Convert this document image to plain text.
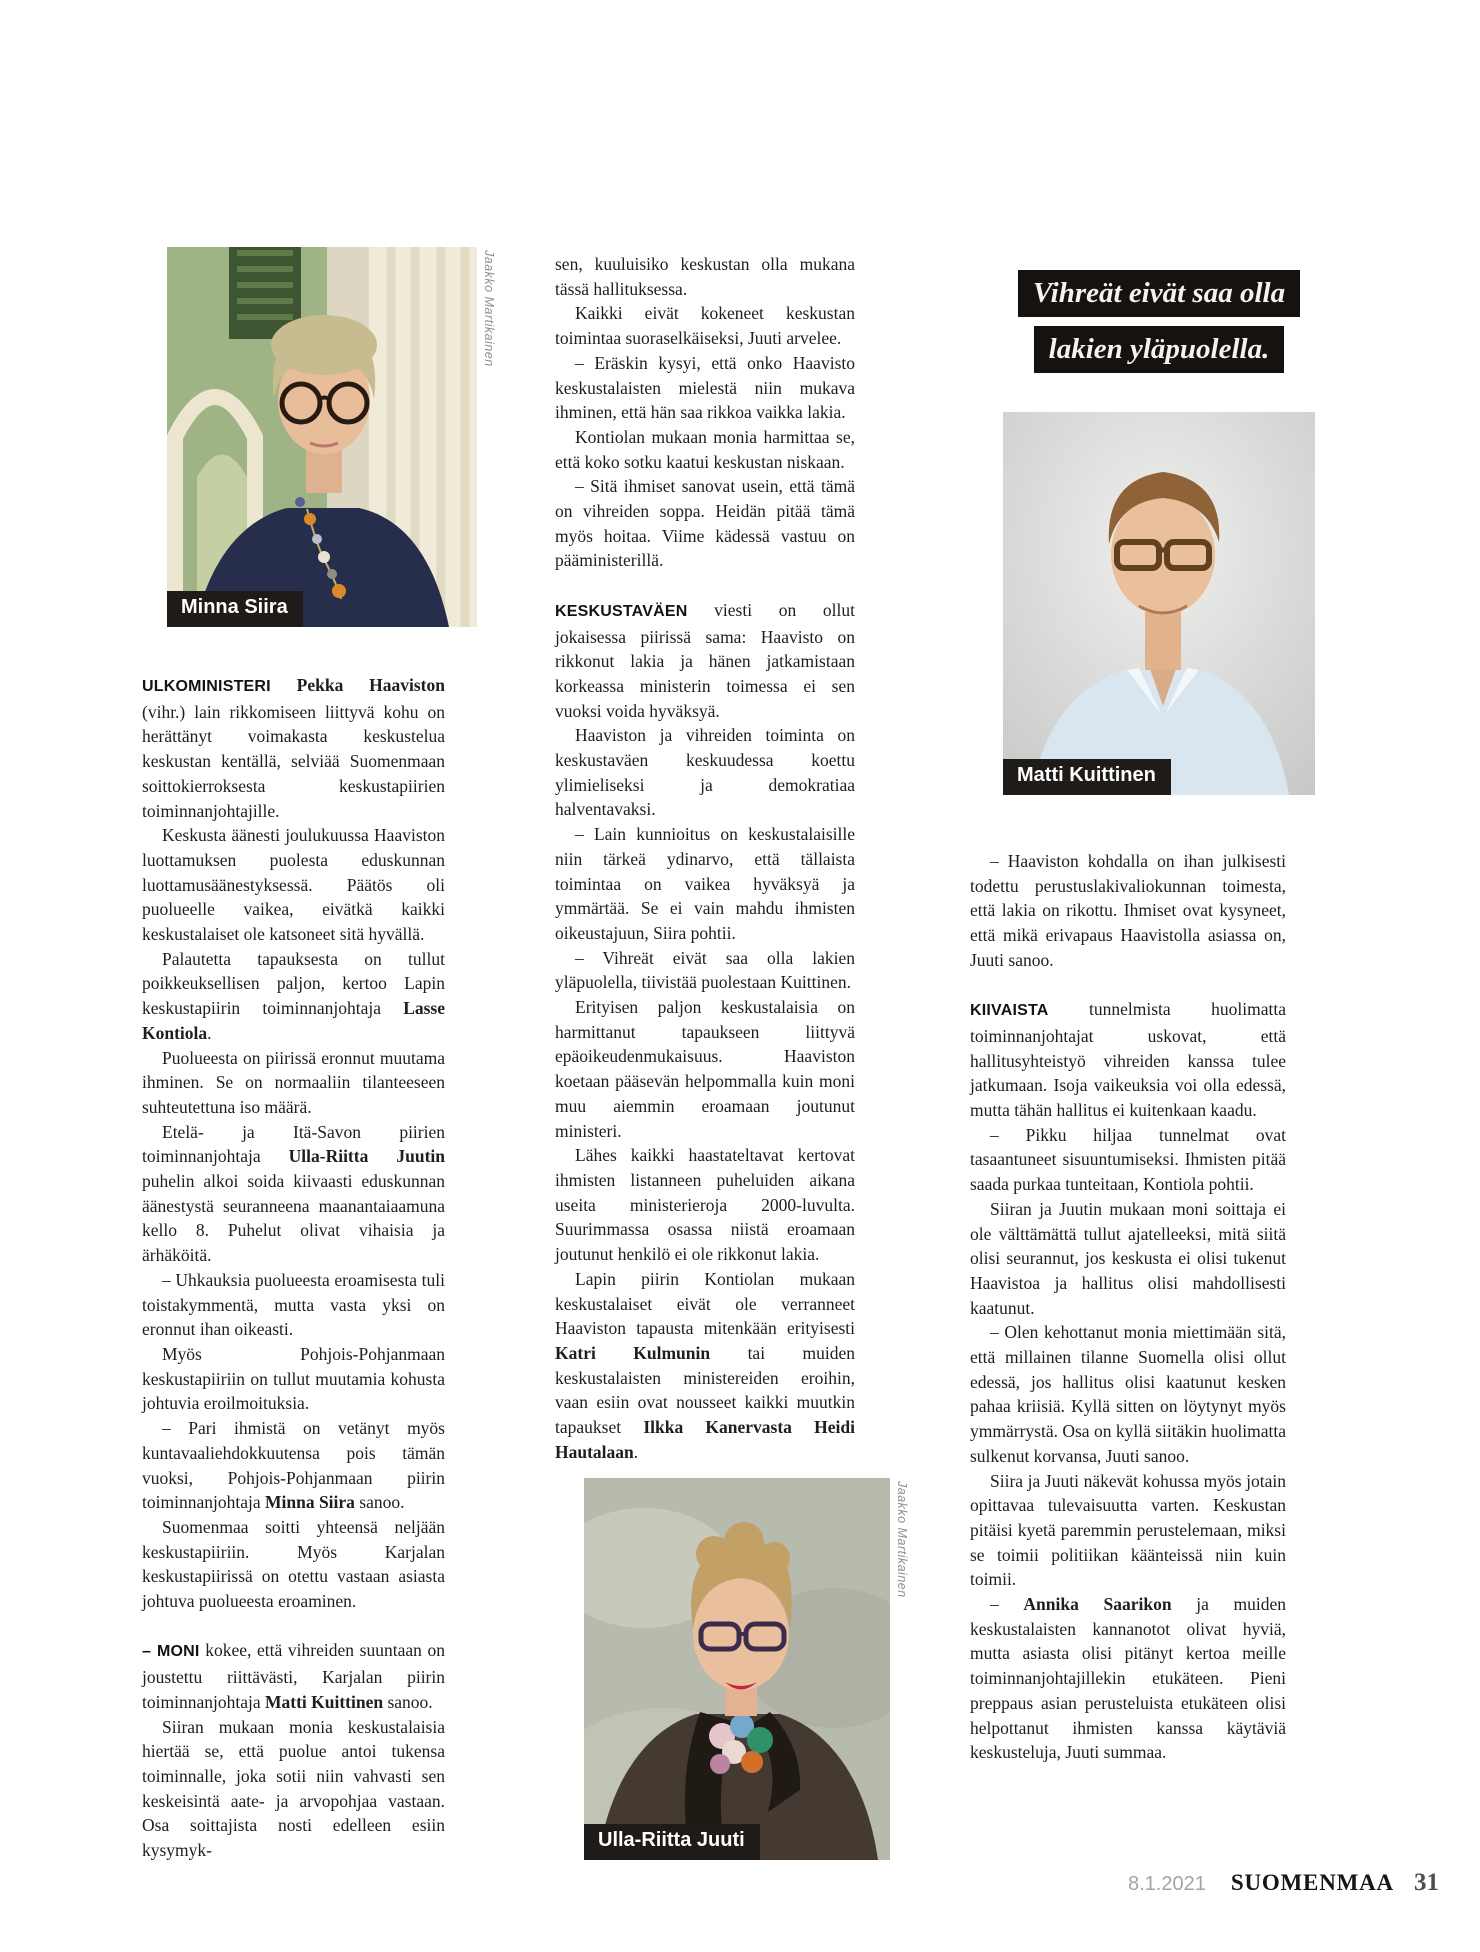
Minna Siira
Jaakko Martikainen

ULKOMINISTERI Pekka Haaviston (vihr.) lain rikkomiseen liittyvä kohu on herättänyt voimakasta keskustelua keskustan kentällä, selviää Suomenmaan soittokierroksesta keskustapiirien toiminnanjohtajille.

Keskusta äänesti joulukuussa Haaviston luottamuksen puolesta eduskunnan luottamusäänestyksessä. Päätös oli puolueelle vaikea, eivätkä kaikki keskustalaiset ole katsoneet sitä hyvällä.

Palautetta tapauksesta on tullut poikkeuksellisen paljon, kertoo Lapin keskustapiirin toiminnanjohtaja Lasse Kontiola.

Puolueesta on piirissä eronnut muutama ihminen. Se on normaaliin tilanteeseen suhteutettuna iso määrä.

Etelä- ja Itä-Savon piirien toiminnanjohtaja Ulla-Riitta Juutin puhelin alkoi soida kiivaasti eduskunnan äänestystä seuranneena maanantaiaamuna kello 8. Puhelut olivat vihaisia ja ärhäköitä.

– Uhkauksia puolueesta eroamisesta tuli toistakymmentä, mutta vasta yksi on eronnut ihan oikeasti.

Myös Pohjois-Pohjanmaan keskustapiiriin on tullut muutamia kohusta johtuvia eroilmoituksia.

– Pari ihmistä on vetänyt myös kuntavaaliehdokkuutensa pois tämän vuoksi, Pohjois-Pohjanmaan piirin toiminnanjohtaja Minna Siira sanoo.

Suomenmaa soitti yhteensä neljään keskustapiiriin. Myös Karjalan keskustapiirissä on otettu vastaan asiasta johtuva puolueesta eroaminen.

– MONI kokee, että vihreiden suuntaan on joustettu riittävästi, Karjalan piirin toiminnanjohtaja Matti Kuittinen sanoo.

Siiran mukaan monia keskustalaisia hiertää se, että puolue antoi tukensa toiminnalle, joka sotii niin vahvasti sen keskeisintä aate- ja arvopohjaa vastaan. Osa soittajista nosti edelleen esiin kysymyk-

sen, kuuluisiko keskustan olla mukana tässä hallituksessa.

Kaikki eivät kokeneet keskustan toimintaa suoraselkäiseksi, Juuti arvelee.

– Eräskin kysyi, että onko Haavisto keskustalaisten mielestä niin mukava ihminen, että hän saa rikkoa vaikka lakia.

Kontiolan mukaan monia harmittaa se, että koko sotku kaatui keskustan niskaan.

– Sitä ihmiset sanovat usein, että tämä on vihreiden soppa. Heidän pitää tämä myös hoitaa. Viime kädessä vastuu on pääministerillä.

KESKUSTAVÄEN viesti on ollut jokaisessa piirissä sama: Haavisto on rikkonut lakia ja hänen jatkamistaan korkeassa ministerin toimessa ei sen vuoksi voida hyväksyä.

Haaviston ja vihreiden toiminta on keskustaväen keskuudessa koettu ylimieliseksi ja demokratiaa halventavaksi.

– Lain kunnioitus on keskustalaisille niin tärkeä ydinarvo, että tällaista toimintaa on vaikea hyväksyä ja ymmärtää. Se ei vain mahdu ihmisten oikeustajuun, Siira pohtii.

– Vihreät eivät saa olla lakien yläpuolella, tiivistää puolestaan Kuittinen.

Erityisen paljon keskustalaisia on harmittanut tapaukseen liittyvä epäoikeudenmukaisuus. Haaviston koetaan pääsevän helpommalla kuin moni muu aiemmin eroamaan joutunut ministeri.

Lähes kaikki haastateltavat kertovat ihmisten listanneen puheluiden aikana useita ministerieroja 2000-luvulta. Suurimmassa osassa niistä eroamaan joutunut henkilö ei ole rikkonut lakia.

Lapin piirin Kontiolan mukaan keskustalaiset eivät ole verranneet Haaviston tapausta mitenkään erityisesti Katri Kulmunin tai muiden keskustalaisten ministereiden eroihin, vaan esiin ovat nousseet kaikki muutkin tapaukset Ilkka Kanervasta Heidi Hautalaan.

Ulla-Riitta Juuti
Jaakko Martikainen
Vihreät eivät saa olla lakien yläpuolella.
Matti Kuittinen

– Haaviston kohdalla on ihan julkisesti todettu perustuslakivaliokunnan toimesta, että lakia on rikottu. Ihmiset ovat kysyneet, että mikä erivapaus Haavistolla asiassa on, Juuti sanoo.

KIIVAISTA tunnelmista huolimatta toiminnanjohtajat uskovat, että hallitusyhteistyö vihreiden kanssa tulee jatkumaan. Isoja vaikeuksia voi olla edessä, mutta tähän hallitus ei kuitenkaan kaadu.

– Pikku hiljaa tunnelmat ovat tasaantuneet sisuuntumiseksi. Ihmisten pitää saada purkaa tunteitaan, Kontiola pohtii.

Siiran ja Juutin mukaan moni soittaja ei ole välttämättä tullut ajatelleeksi, mitä siitä olisi seurannut, jos keskusta ei olisi tukenut Haavistoa ja hallitus olisi mahdollisesti kaatunut.

– Olen kehottanut monia miettimään sitä, että millainen tilanne Suomella olisi ollut edessä, jos hallitus olisi kaatunut kesken pahaa kriisiä. Kyllä sitten on löytynyt myös ymmärrystä. Osa on kyllä siitäkin huolimatta sulkenut korvansa, Juuti sanoo.

Siira ja Juuti näkevät kohussa myös jotain opittavaa tulevaisuutta varten. Keskustan pitäisi kyetä paremmin perustelemaan, miksi se toimii politiikan käänteissä niin kuin toimii.

– Annika Saarikon ja muiden keskustalaisten kannanotot olivat hyviä, mutta asiasta olisi pitänyt kertoa meille toiminnanjohtajillekin etukäteen. Pieni preppaus asian perusteluista etukäteen olisi helpottanut ihmisten kanssa käytäviä keskusteluja, Juuti summaa.

8.1.2021 SUOMENMAA 31
